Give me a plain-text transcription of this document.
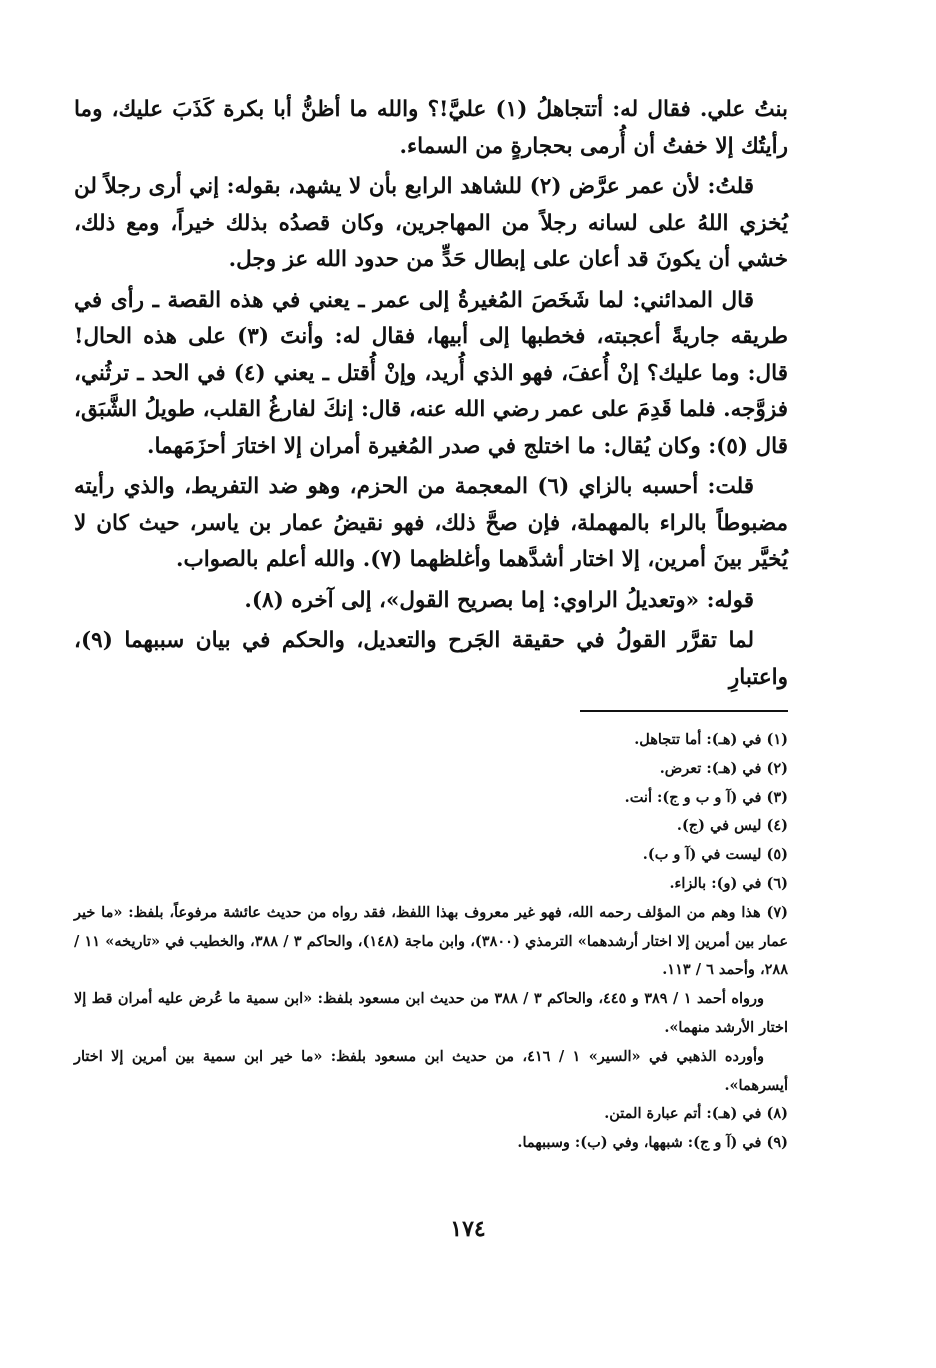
بنتُ علي. فقال له: أتتجاهلُ (١) عليَّ!؟ والله ما أظنُّ أبا بكرة كَذَبَ عليك، وما رأيتُك إلا خفتُ أن أُرمى بحجارةٍ من السماء.

قلتُ: لأن عمر عرَّض (٢) للشاهد الرابع بأن لا يشهد، بقوله: إني أرى رجلاً لن يُخزي اللهُ على لسانه رجلاً من المهاجرين، وكان قصدُه بذلك خيراً، ومع ذلك، خشي أن يكونَ قد أعان على إبطال حَدٍّ من حدود الله عز وجل.

قال المدائني: لما شَخَصَ المُغيرةُ إلى عمر ـ يعني في هذه القصة ـ رأى في طريقه جاريةً أعجبته، فخطبها إلى أبيها، فقال له: وأنتَ (٣) على هذه الحال! قال: وما عليك؟ إنْ أُعفَ، فهو الذي أُريد، وإنْ أُقتل ـ يعني (٤) في الحد ـ ترثُني، فزوَّجه. فلما قَدِمَ على عمر رضي الله عنه، قال: إنكَ لفارغُ القلب، طويلُ الشَّبَق، قال (٥): وكان يُقال: ما اختلج في صدر المُغيرة أمران إلا اختارَ أحزَمَهما.

قلت: أحسبه بالزاي (٦) المعجمة من الحزم، وهو ضد التفريط، والذي رأيته مضبوطاً بالراء بالمهملة، فإن صحَّ ذلك، فهو نقيضُ عمار بن ياسر، حيث كان لا يُخيَّر بينَ أمرين، إلا اختار أشدَّهما وأغلظهما (٧). والله أعلم بالصواب.

قوله: «وتعديلُ الراوي: إما بصريح القول»، إلى آخره (٨).

لما تقرَّر القولُ في حقيقة الجَرح والتعديل، والحكم في بيان سببهما (٩)، واعتبارِ

(١) في (هـ): أما تتجاهل.

(٢) في (هـ): تعرض.

(٣) في (آ و ب و ج): أنت.

(٤) ليس في (ج).

(٥) ليست في (آ و ب).

(٦) في (و): بالزاء.

(٧) هذا وهم من المؤلف رحمه الله، فهو غير معروف بهذا اللفظ، فقد رواه من حديث عائشة مرفوعاً، بلفظ: «ما خير عمار بين أمرين إلا اختار أرشدهما» الترمذي (٣٨٠٠)، وابن ماجة (١٤٨)، والحاكم ٣ / ٣٨٨، والخطيب في «تاريخه» ١١ / ٢٨٨، وأحمد ٦ / ١١٣.

ورواه أحمد ١ / ٣٨٩ و ٤٤٥، والحاكم ٣ / ٣٨٨ من حديث ابن مسعود بلفظ: «ابن سمية ما عُرض عليه أمران قط إلا اختار الأرشد منهما».

وأورده الذهبي في «السير» ١ / ٤١٦، من حديث ابن مسعود بلفظ: «ما خير ابن سمية بين أمرين إلا اختار أيسرهما».

(٨) في (هـ): أتم عبارة المتن.

(٩) في (آ و ج): شبهها، وفي (ب): وسببهما.

١٧٤
